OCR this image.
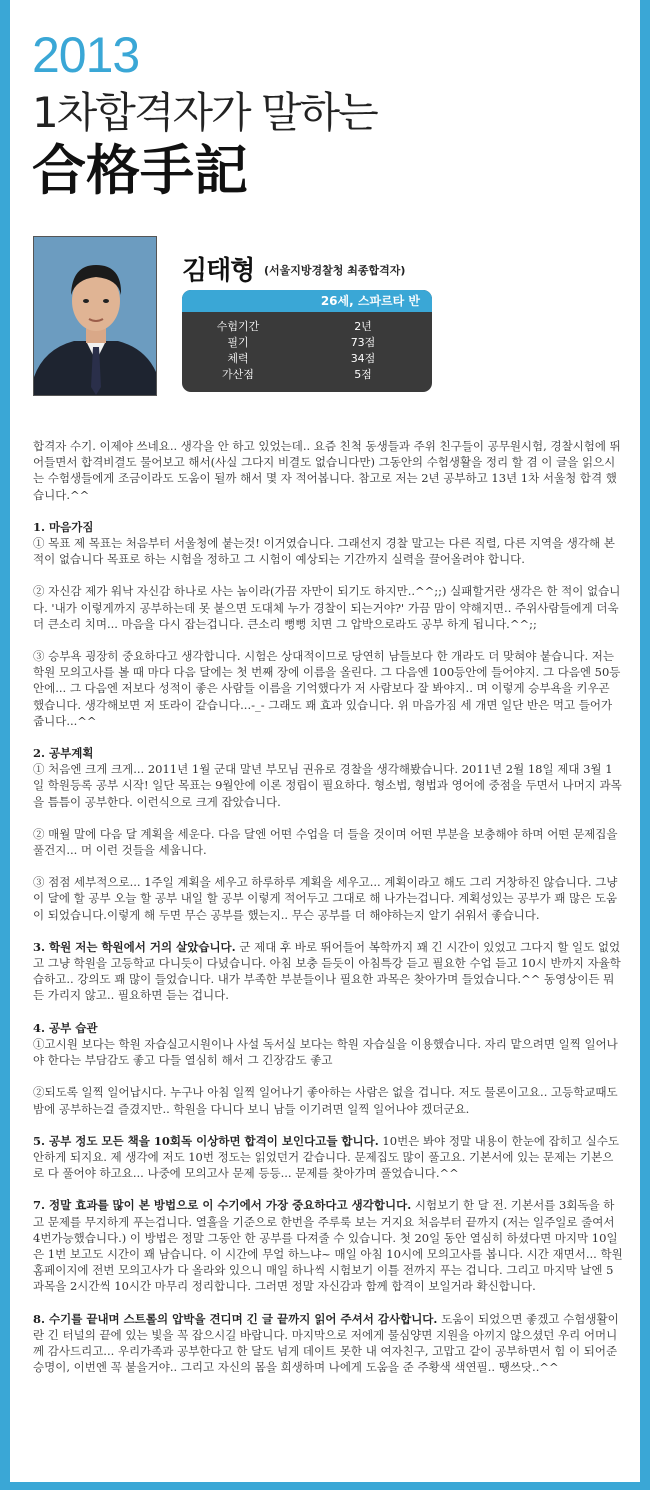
2013
1차합격자가 말하는
合格手記
김태형 (서울지방경찰청 최종합격자)
26세, 스파르타 반
수험기간	2년
필기	73점
체력	34점
가산점	5점

합격자 수기. 이제야 쓰네요.. 생각을 안 하고 있었는데.. 요즘 친척 동생들과 주위 친구들이 공무원시험, 경찰시험에 뛰어들면서 합격비결도 물어보고 해서(사실 그다지 비결도 없습니다만) 그동안의 수험생활을 정리 할 겸 이 글을 읽으시는 수험생들에게 조금이라도 도움이 될까 해서 몇 자 적어봅니다. 참고로 저는 2년 공부하고 13년 1차 서울청 합격 했습니다.^^

1. 마음가짐

① 목표 제 목표는 처음부터 서울청에 붙는것! 이거였습니다. 그래선지 경찰 말고는 다른 직렬, 다른 지역을 생각해 본적이 없습니다 목표로 하는 시험을 정하고 그 시험이 예상되는 기간까지 실력을 끌어올려야 합니다.

② 자신감 제가 워낙 자신감 하나로 사는 놈이라(가끔 자만이 되기도 하지만..^^;;) 실패할거란 생각은 한 적이 없습니다. '내가 이렇게까지 공부하는데 못 붙으면 도대체 누가 경찰이 되는거야?' 가끔 맘이 약해지면.. 주위사람들에게 더욱 더 큰소리 치며... 마음을 다시 잡는겁니다. 큰소리 뻥뻥 치면 그 압박으로라도 공부 하게 됩니다.^^;;

③ 승부욕 굉장히 중요하다고 생각합니다. 시험은 상대적이므로 당연히 남들보다 한 개라도 더 맞혀야 붙습니다. 저는 학원 모의고사를 볼 때 마다 다음 달에는 첫 번째 장에 이름을 올린다. 그 다음엔 100등안에 들어야지. 그 다음엔 50등안에... 그 다음엔 저보다 성적이 좋은 사람들 이름을 기억했다가 저 사람보다 잘 봐야지.. 며 이렇게 승부욕을 키우곤 했습니다. 생각해보면 저 또라이 같습니다...-_- 그래도 꽤 효과 있습니다. 위 마음가짐 세 개면 일단 반은 먹고 들어가 줍니다...^^

2. 공부계획

① 처음엔 크게 크게... 2011년 1월 군대 말년 부모님 권유로 경찰을 생각해봤습니다. 2011년 2월 18일 제대 3월 1일 학원등록 공부 시작! 일단 목표는 9월안에 이론 정립이 필요하다. 형소법, 형법과 영어에 중점을 두면서 나머지 과목을 틈틈이 공부한다. 이런식으로 크게 잡았습니다.

② 매월 말에 다음 달 계획을 세운다. 다음 달엔 어떤 수업을 더 들을 것이며 어떤 부분을 보충해야 하며 어떤 문제집을 풀건지... 머 이런 것들을 세웁니다.

③ 점점 세부적으로... 1주일 계획을 세우고 하루하루 계획을 세우고... 계획이라고 해도 그리 거창하진 않습니다. 그냥 이 달에 할 공부 오늘 할 공부 내일 할 공부 이렇게 적어두고 그대로 해 나가는겁니다. 계획성있는 공부가 꽤 많은 도움이 되었습니다.이렇게 해 두면 무슨 공부를 했는지.. 무슨 공부를 더 해야하는지 알기 쉬워서 좋습니다.

3. 학원 저는 학원에서 거의 살았습니다. 군 제대 후 바로 뛰어들어 복학까지 꽤 긴 시간이 있었고 그다지 할 일도 없었고 그냥 학원을 고등학교 다니듯이 다녔습니다. 아침 보충 듣듯이 아침특강 듣고 필요한 수업 듣고 10시 반까지 자율학습하고.. 강의도 꽤 많이 들었습니다. 내가 부족한 부분들이나 필요한 과목은 찾아가며 들었습니다.^^ 동영상이든 뭐든 가리지 않고.. 필요하면 듣는 겁니다.

4. 공부 습관

①고시원 보다는 학원 자습실고시원이나 사설 독서실 보다는 학원 자습실을 이용했습니다. 자리 맡으려면 일찍 일어나야 한다는 부담감도 좋고 다들 열심히 해서 그 긴장감도 좋고

②되도록 일찍 일어납시다. 누구나 아침 일찍 일어나기 좋아하는 사람은 없을 겁니다. 저도 물론이고요.. 고등학교때도 밤에 공부하는걸 즐겼지만.. 학원을 다니다 보니 남들 이기려면 일찍 일어나야 겠더군요.

5. 공부 정도 모든 책을 10회독 이상하면 합격이 보인다고들 합니다. 10번은 봐야 정말 내용이 한눈에 잡히고 실수도 안하게 되지요. 제 생각에 저도 10번 정도는 읽었던거 같습니다. 문제집도 많이 풀고요. 기본서에 있는 문제는 기본으로 다 풀어야 하고요... 나중에 모의고사 문제 등등... 문제를 찾아가며 풀었습니다.^^

7. 정말 효과를 많이 본 방법으로 이 수기에서 가장 중요하다고 생각합니다. 시험보기 한 달 전. 기본서를 3회독을 하고 문제를 무지하게 푸는겁니다. 열흘을 기준으로 한번을 주루룩 보는 거지요 처음부터 끝까지 (저는 일주일로 줄여서 4번가능했습니다.) 이 방법은 정말 그동안 한 공부를 다져줄 수 있습니다. 첫 20일 동안 열심히 하셨다면 마지막 10일은 1번 보고도 시간이 꽤 남습니다. 이 시간에 무얼 하느냐~ 매일 아침 10시에 모의고사를 봅니다. 시간 재면서... 학원 홈페이지에 전번 모의고사가 다 올라와 있으니 매일 하나씩 시험보기 이틀 전까지 푸는 겁니다. 그리고 마지막 날엔 5과목을 2시간씩 10시간 마무리 정리합니다. 그러면 정말 자신감과 함께 합격이 보일거라 확신합니다.

8. 수기를 끝내며 스트롤의 압박을 견디며 긴 글 끝까지 읽어 주셔서 감사합니다. 도움이 되었으면 좋겠고 수험생활이란 긴 터널의 끝에 있는 빛을 꼭 잡으시길 바랍니다. 마지막으로 저에게 물심양면 지원을 아끼지 않으셨던 우리 어머니께 감사드리고... 우리가족과 공부한다고 한 달도 넘게 데이트 못한 내 여자친구, 고맙고 같이 공부하면서 힘 이 되어준 승명이, 이번엔 꼭 붙을거야.. 그리고 자신의 몸을 희생하며 나에게 도움을 준 주황색 색연필.. 땡쓰닷..^^
